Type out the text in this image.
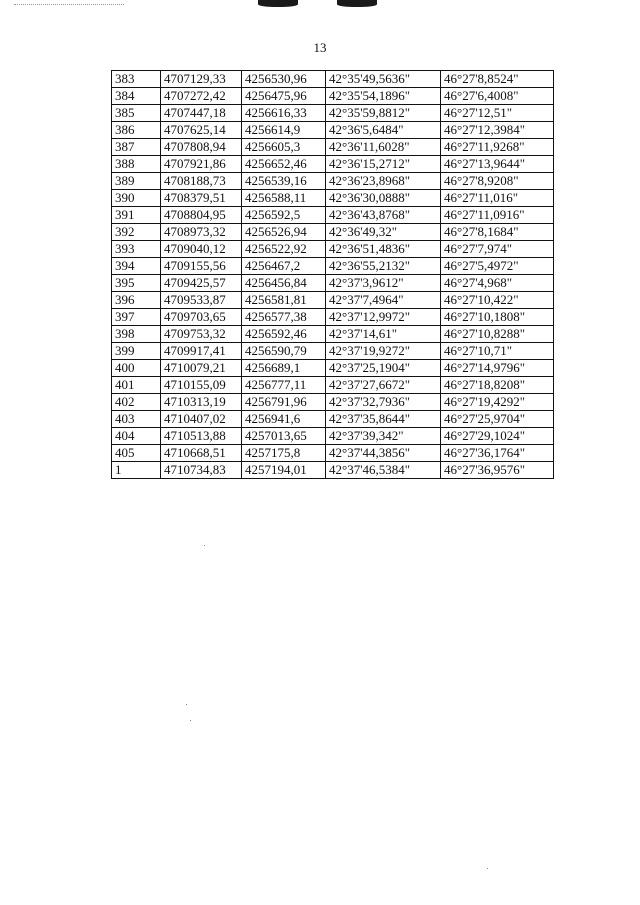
13
383	4707129,33	4256530,96	42°35'49,5636"	46°27'8,8524"
384	4707272,42	4256475,96	42°35'54,1896"	46°27'6,4008"
385	4707447,18	4256616,33	42°35'59,8812"	46°27'12,51"
386	4707625,14	4256614,9	42°36'5,6484"	46°27'12,3984"
387	4707808,94	4256605,3	42°36'11,6028"	46°27'11,9268"
388	4707921,86	4256652,46	42°36'15,2712"	46°27'13,9644"
389	4708188,73	4256539,16	42°36'23,8968"	46°27'8,9208"
390	4708379,51	4256588,11	42°36'30,0888"	46°27'11,016"
391	4708804,95	4256592,5	42°36'43,8768"	46°27'11,0916"
392	4708973,32	4256526,94	42°36'49,32"	46°27'8,1684"
393	4709040,12	4256522,92	42°36'51,4836"	46°27'7,974"
394	4709155,56	4256467,2	42°36'55,2132"	46°27'5,4972"
395	4709425,57	4256456,84	42°37'3,9612"	46°27'4,968"
396	4709533,87	4256581,81	42°37'7,4964"	46°27'10,422"
397	4709703,65	4256577,38	42°37'12,9972"	46°27'10,1808"
398	4709753,32	4256592,46	42°37'14,61"	46°27'10,8288"
399	4709917,41	4256590,79	42°37'19,9272"	46°27'10,71"
400	4710079,21	4256689,1	42°37'25,1904"	46°27'14,9796"
401	4710155,09	4256777,11	42°37'27,6672"	46°27'18,8208"
402	4710313,19	4256791,96	42°37'32,7936"	46°27'19,4292"
403	4710407,02	4256941,6	42°37'35,8644"	46°27'25,9704"
404	4710513,88	4257013,65	42°37'39,342"	46°27'29,1024"
405	4710668,51	4257175,8	42°37'44,3856"	46°27'36,1764"
1	4710734,83	4257194,01	42°37'46,5384"	46°27'36,9576"
